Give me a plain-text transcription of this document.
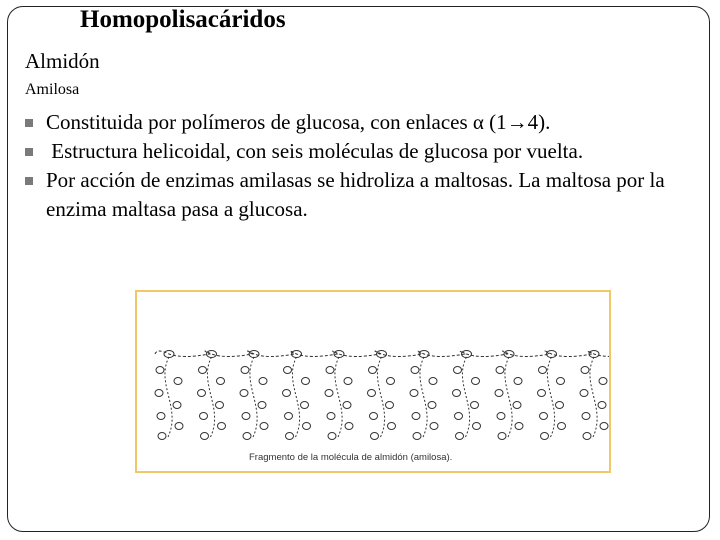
Homopolisacáridos
Almidón
Amilosa
Constituida por polímeros de glucosa, con enlaces α (1→4).
Estructura helicoidal, con seis moléculas de glucosa por vuelta.
Por acción de enzimas amilasas se hidroliza a maltosas. La maltosa por la enzima maltasa pasa a glucosa.
Fragmento de la molécula de almidón (amilosa).
